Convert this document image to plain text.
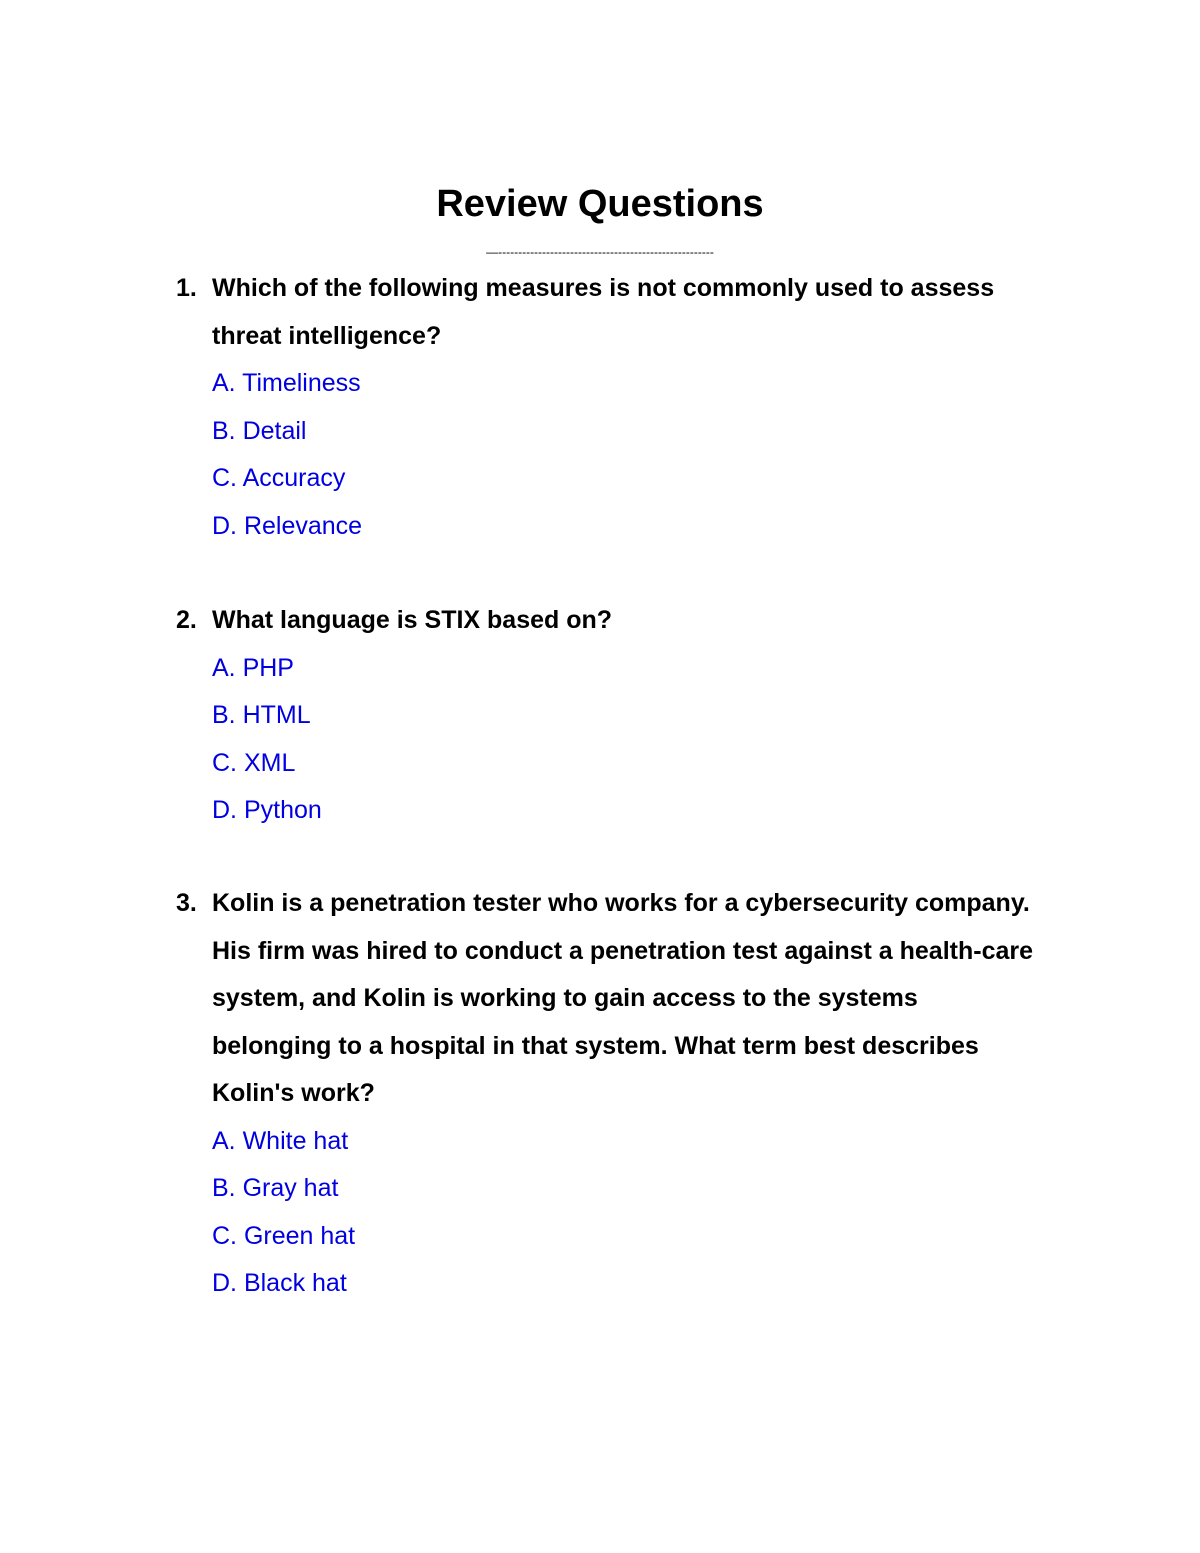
Review Questions
—------------------------------------------------------
1. Which of the following measures is not commonly used to assess threat intelligence?
A. Timeliness
B. Detail
C. Accuracy
D. Relevance
2. What language is STIX based on?
A. PHP
B. HTML
C. XML
D. Python
3. Kolin is a penetration tester who works for a cybersecurity company. His firm was hired to conduct a penetration test against a health-care system, and Kolin is working to gain access to the systems belonging to a hospital in that system. What term best describes Kolin's work?
A. White hat
B. Gray hat
C. Green hat
D. Black hat
